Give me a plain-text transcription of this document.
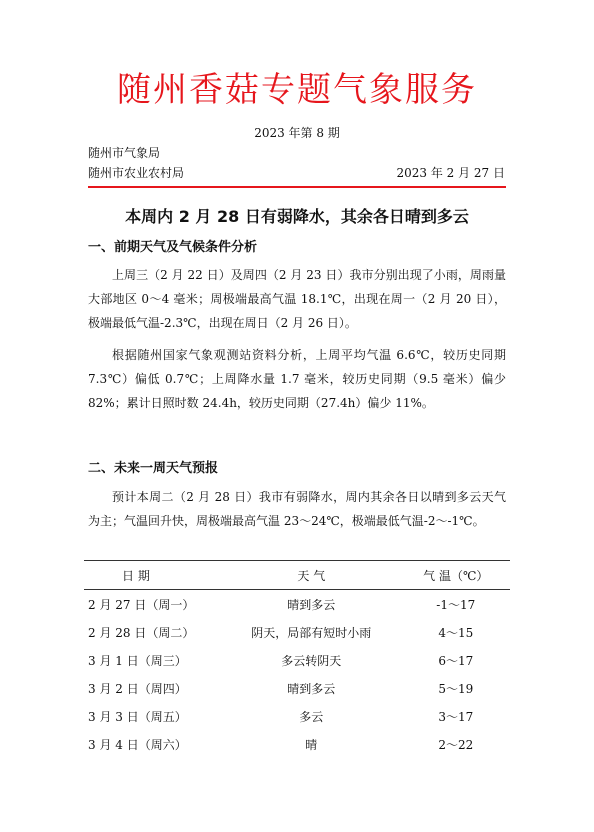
随州香菇专题气象服务
2023 年第 8 期
随州市气象局
随州市农业农村局	2023 年 2 月 27 日
本周内 2 月 28 日有弱降水，其余各日晴到多云
一、前期天气及气候条件分析

上周三（2 月 22 日）及周四（2 月 23 日）我市分别出现了小雨，周雨量大部地区 0～4 毫米；周极端最高气温 18.1℃，出现在周一（2 月 20 日），极端最低气温-2.3℃，出现在周日（2 月 26 日）。

根据随州国家气象观测站资料分析，上周平均气温 6.6℃，较历史同期 7.3℃）偏低 0.7℃；上周降水量 1.7 毫米，较历史同期（9.5 毫米）偏少 82%；累计日照时数 24.4h，较历史同期（27.4h）偏少 11%。

二、未来一周天气预报

预计本周二（2 月 28 日）我市有弱降水，周内其余各日以晴到多云天气为主；气温回升快，周极端最高气温 23～24℃，极端最低气温-2～-1℃。

日 期	天 气	气 温（℃）
2 月 27 日（周一）	晴到多云	-1～17
2 月 28 日（周二）	阴天，局部有短时小雨	4～15
3 月 1 日（周三）	多云转阴天	6～17
3 月 2 日（周四）	晴到多云	5～19
3 月 3 日（周五）	多云	3～17
3 月 4 日（周六）	晴	2～22
